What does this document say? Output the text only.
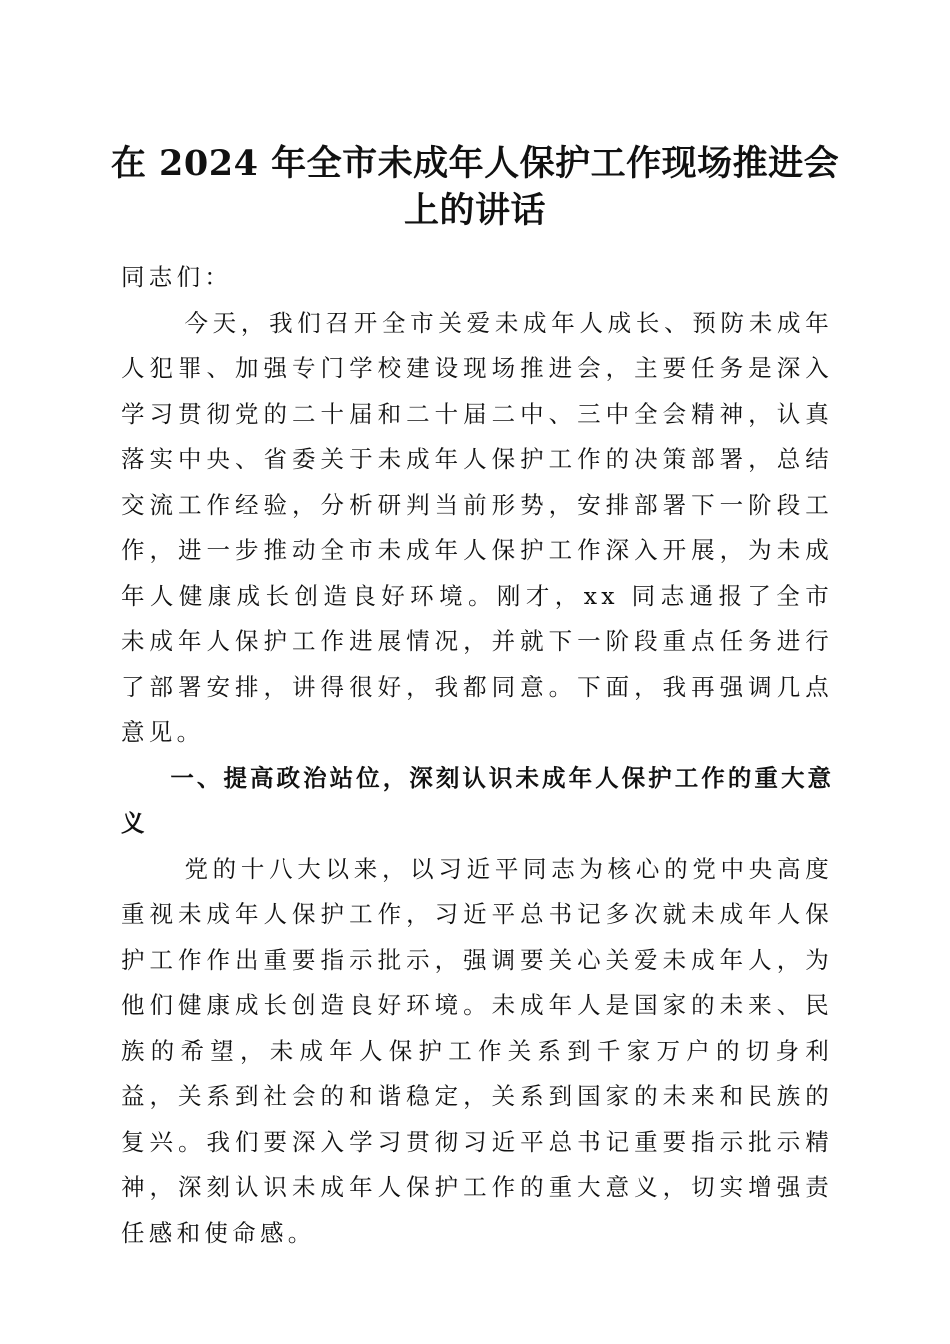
在 2024 年全市未成年人保护工作现场推进会
上的讲话

同志们：

今天，我们召开全市关爱未成年人成长、预防未成年人犯罪、加强专门学校建设现场推进会，主要任务是深入学习贯彻党的二十届和二十届二中、三中全会精神，认真落实中央、省委关于未成年人保护工作的决策部署，总结交流工作经验，分析研判当前形势，安排部署下一阶段工作，进一步推动全市未成年人保护工作深入开展，为未成年人健康成长创造良好环境。刚才，xx 同志通报了全市未成年人保护工作进展情况，并就下一阶段重点任务进行了部署安排，讲得很好，我都同意。下面，我再强调几点意见。

一、提高政治站位，深刻认识未成年人保护工作的重大意义

党的十八大以来，以习近平同志为核心的党中央高度重视未成年人保护工作，习近平总书记多次就未成年人保护工作作出重要指示批示，强调要关心关爱未成年人，为他们健康成长创造良好环境。未成年人是国家的未来、民族的希望，未成年人保护工作关系到千家万户的切身利益，关系到社会的和谐稳定，关系到国家的未来和民族的复兴。我们要深入学习贯彻习近平总书记重要指示批示精神，深刻认识未成年人保护工作的重大意义，切实增强责任感和使命感。
